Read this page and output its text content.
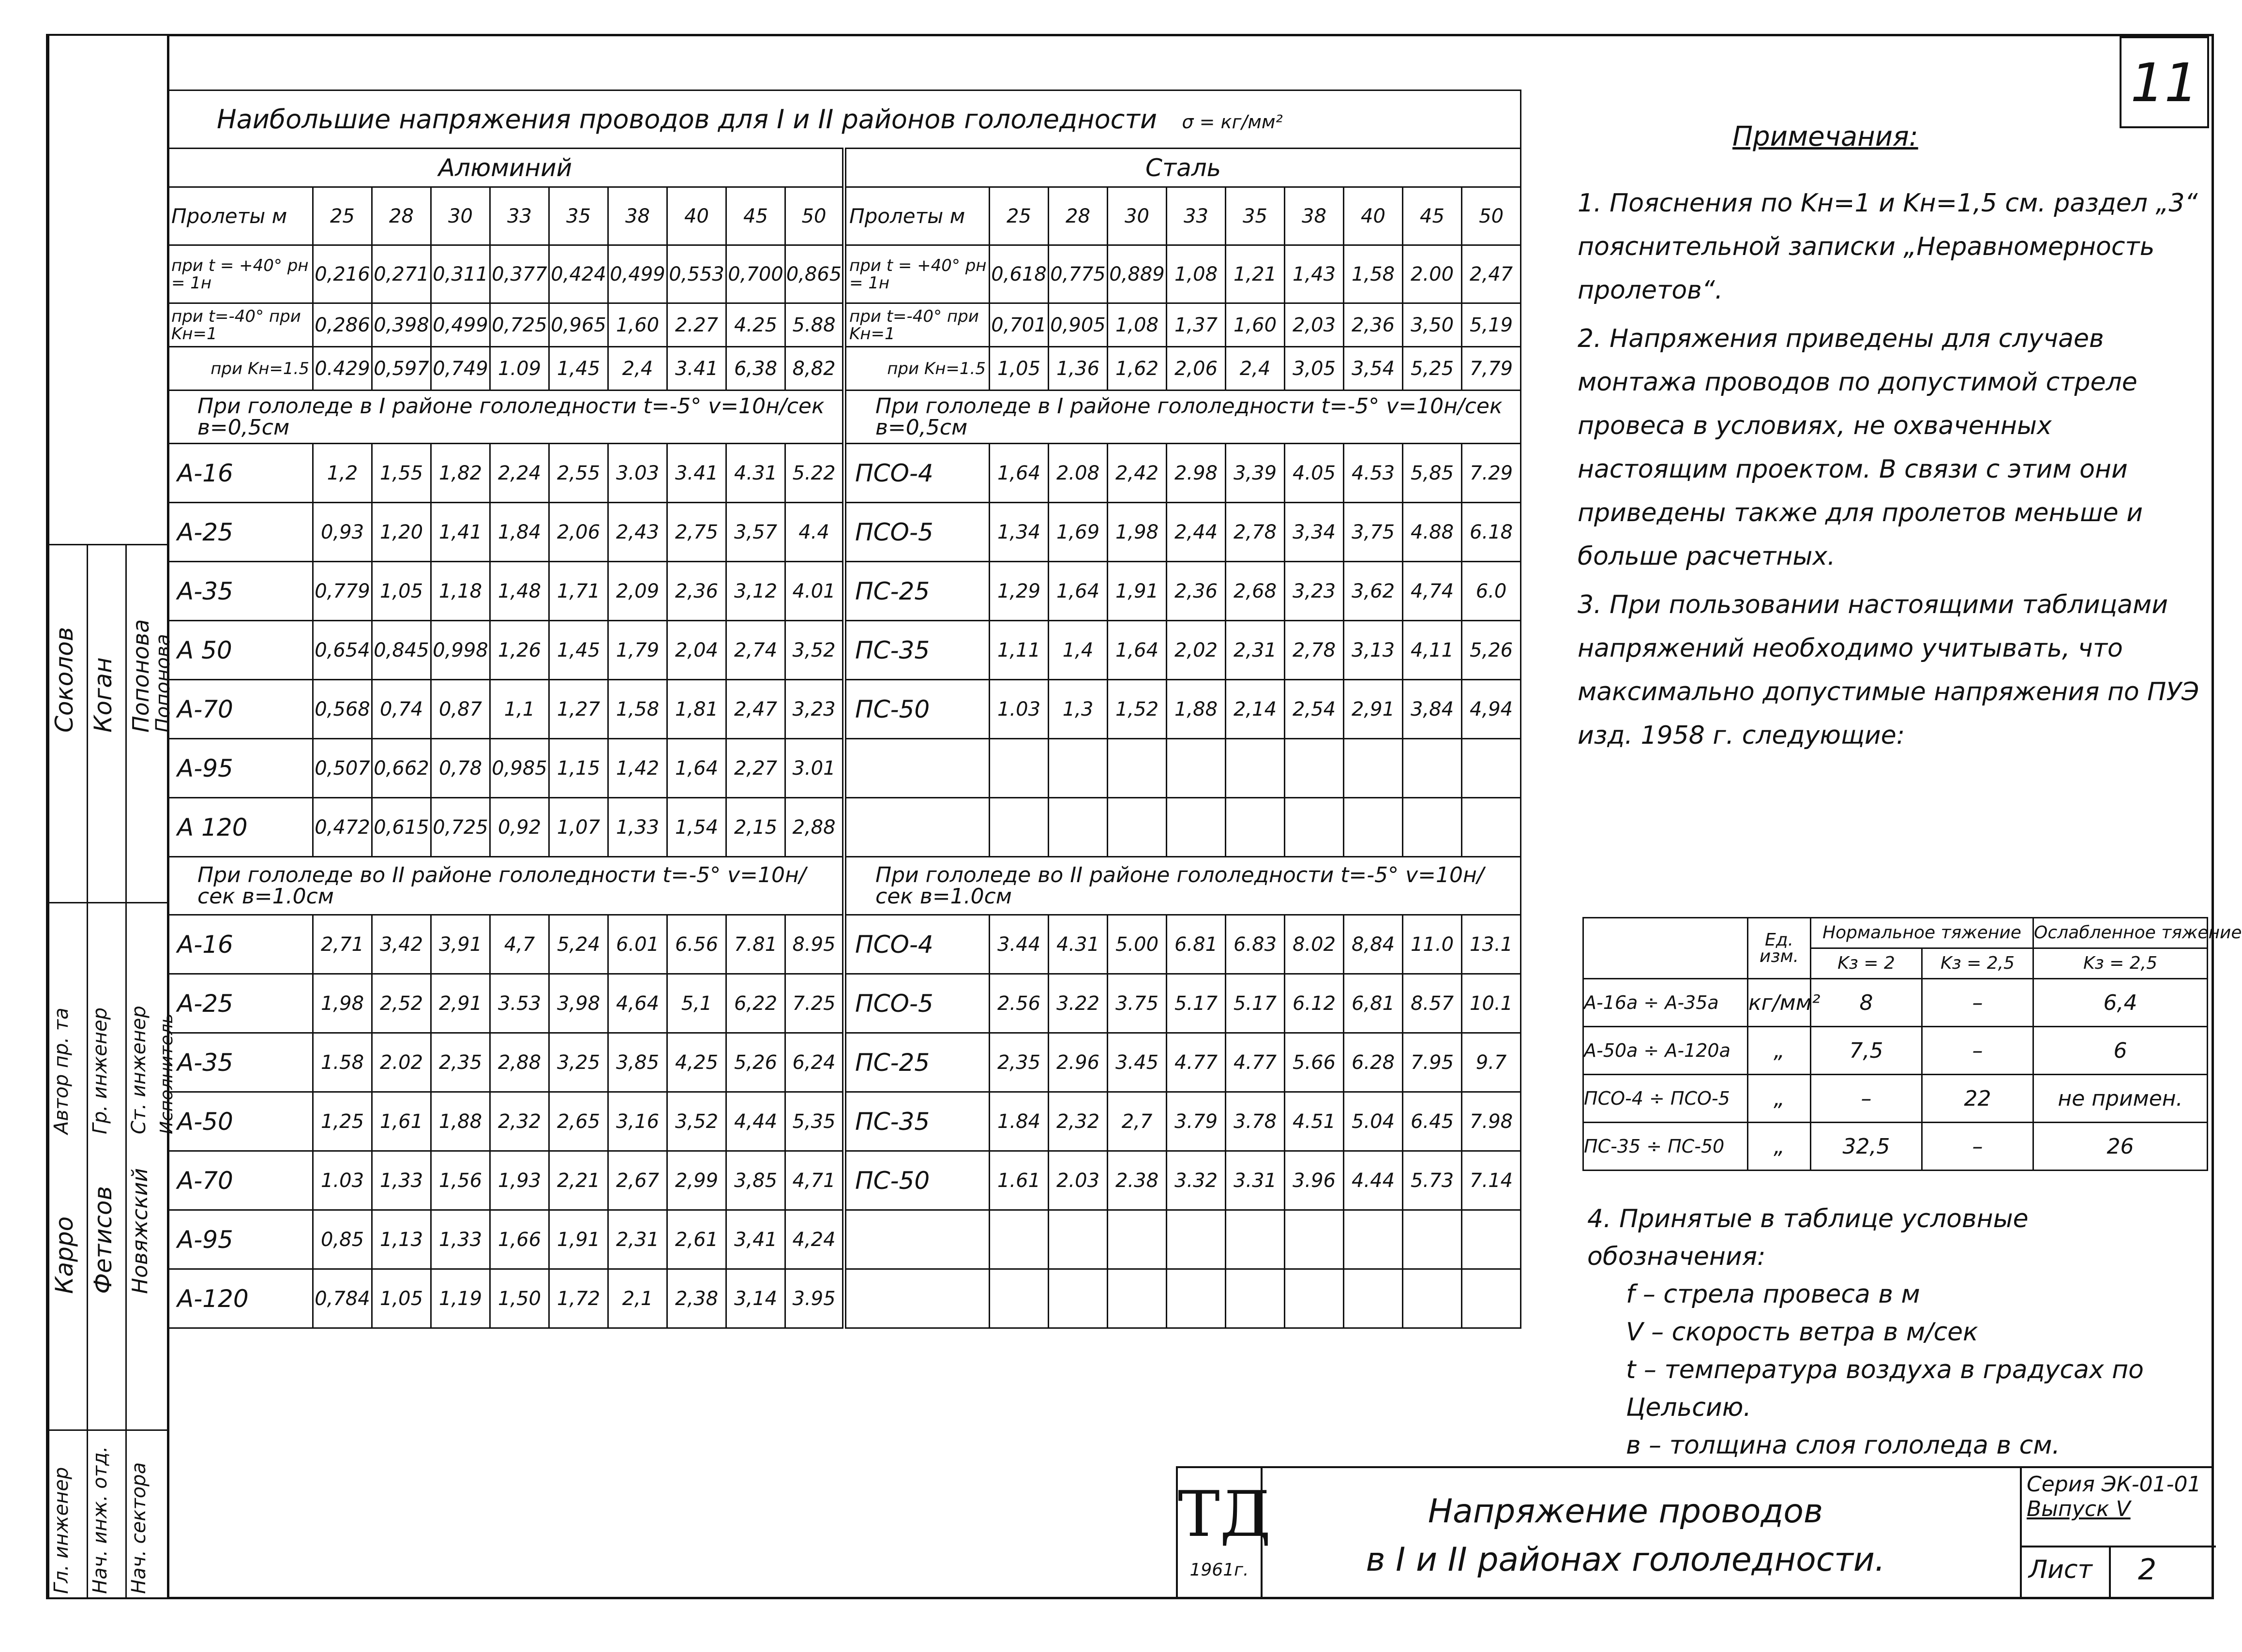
11
Гл. инженер Нач. инж. отд. Нач. сектора
Автор пр. та Гр. инженер Ст. инженер Исполнитель
Карро Фетисов Новяжский
Соколов Коган Попонова
Попонова
Наибольшие напряжения проводов для I и II районов гололедности σ = кг/мм²																			
Алюминий										Сталь									
Пролеты м	25	28	30	33	35	38	40	45	50	Пролеты м	25	28	30	33	35	38	40	45	50
при t = +40° pн = 1н	0,216	0,271	0,311	0,377	0,424	0,499	0,553	0,700	0,865	при t = +40° pн = 1н	0,618	0,775	0,889	1,08	1,21	1,43	1,58	2.00	2,47
при t=-40° при Kн=1	0,286	0,398	0,499	0,725	0,965	1,60	2.27	4.25	5.88	при t=-40° при Kн=1	0,701	0,905	1,08	1,37	1,60	2,03	2,36	3,50	5,19
при Kн=1.5	0.429	0,597	0,749	1.09	1,45	2,4	3.41	6,38	8,82	при Kн=1.5	1,05	1,36	1,62	2,06	2,4	3,05	3,54	5,25	7,79
При гололеде в I районе гололедности t=-5° v=10н/сек в=0,5см										При гололеде в I районе гололедности t=-5° v=10н/сек в=0,5см									
А-16	1,2	1,55	1,82	2,24	2,55	3.03	3.41	4.31	5.22	ПСО-4	1,64	2.08	2,42	2.98	3,39	4.05	4.53	5,85	7.29
А-25	0,93	1,20	1,41	1,84	2,06	2,43	2,75	3,57	4.4	ПСО-5	1,34	1,69	1,98	2,44	2,78	3,34	3,75	4.88	6.18
А-35	0,779	1,05	1,18	1,48	1,71	2,09	2,36	3,12	4.01	ПС-25	1,29	1,64	1,91	2,36	2,68	3,23	3,62	4,74	6.0
А 50	0,654	0,845	0,998	1,26	1,45	1,79	2,04	2,74	3,52	ПС-35	1,11	1,4	1,64	2,02	2,31	2,78	3,13	4,11	5,26
А-70	0,568	0,74	0,87	1,1	1,27	1,58	1,81	2,47	3,23	ПС-50	1.03	1,3	1,52	1,88	2,14	2,54	2,91	3,84	4,94
А-95	0,507	0,662	0,78	0,985	1,15	1,42	1,64	2,27	3.01										
А 120	0,472	0,615	0,725	0,92	1,07	1,33	1,54	2,15	2,88										
При гололеде во II районе гололедности t=-5° v=10н/сек в=1.0см										При гололеде во II районе гололедности t=-5° v=10н/сек в=1.0см									
А-16	2,71	3,42	3,91	4,7	5,24	6.01	6.56	7.81	8.95	ПСО-4	3.44	4.31	5.00	6.81	6.83	8.02	8,84	11.0	13.1
А-25	1,98	2,52	2,91	3.53	3,98	4,64	5,1	6,22	7.25	ПСО-5	2.56	3.22	3.75	5.17	5.17	6.12	6,81	8.57	10.1
А-35	1.58	2.02	2,35	2,88	3,25	3,85	4,25	5,26	6,24	ПС-25	2,35	2.96	3.45	4.77	4.77	5.66	6.28	7.95	9.7
А-50	1,25	1,61	1,88	2,32	2,65	3,16	3,52	4,44	5,35	ПС-35	1.84	2,32	2,7	3.79	3.78	4.51	5.04	6.45	7.98
А-70	1.03	1,33	1,56	1,93	2,21	2,67	2,99	3,85	4,71	ПС-50	1.61	2.03	2.38	3.32	3.31	3.96	4.44	5.73	7.14
А-95	0,85	1,13	1,33	1,66	1,91	2,31	2,61	3,41	4,24										
А-120	0,784	1,05	1,19	1,50	1,72	2,1	2,38	3,14	3.95										
Примечания:

1. Пояснения по Kн=1 и Kн=1,5 см. раздел „3“ пояснительной записки „Неравномерность пролетов“.

2. Напряжения приведены для случаев монтажа проводов по допустимой стреле провеса в условиях, не охваченных настоящим проектом. В связи с этим они приведены также для пролетов меньше и больше расчетных.

3. При пользовании настоящими таблицами напряжений необходимо учитывать, что максимально допустимые напряжения по ПУЭ изд. 1958 г. следующие:

	Ед. изм.	Нормальное тяжение		Ослабленное тяжение
		Kз = 2	Kз = 2,5	Kз = 2,5
А-16а ÷ А-35а	кг/мм²	8	–	6,4
А-50а ÷ А-120а	„	7,5	–	6
ПСО-4 ÷ ПСО-5	„	–	22	не примен.
ПС-35 ÷ ПС-50	„	32,5	–	26
4. Принятые в таблице условные обозначения:
f – стрела провеса в м
V – скорость ветра в м/сек
t – температура воздуха в градусах по Цельсию.
в – толщина слоя гололеда в см.
ТД
1961г.
Напряжение проводов
в I и II районах гололедности.
Серия ЭК-01-01
Выпуск V
Лист 2
